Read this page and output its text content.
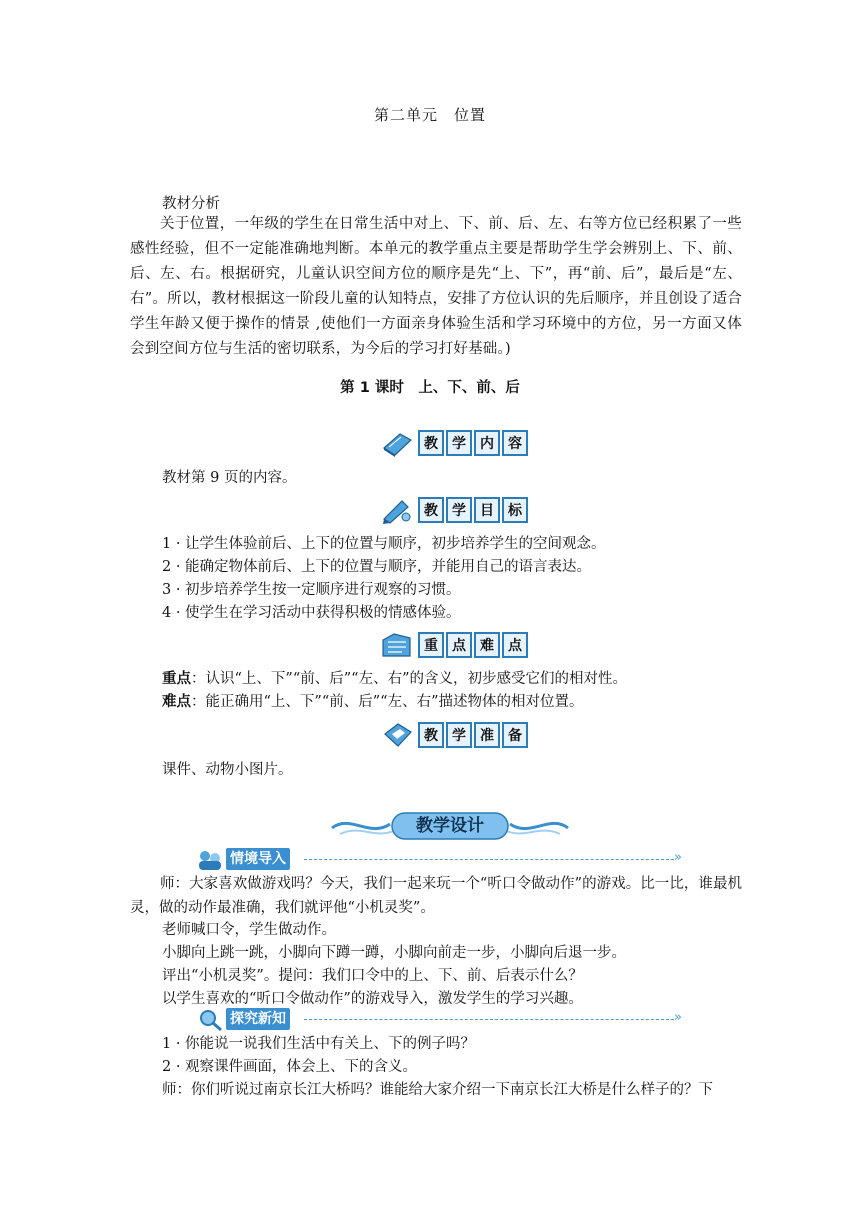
第二单元　位置
教材分析

关于位置，一年级的学生在日常生活中对上、下、前、后、左、右等方位已经积累了一些感性经验，但不一定能准确地判断。本单元的教学重点主要是帮助学生学会辨别上、下、前、后、左、右。根据研究，儿童认识空间方位的顺序是先“上、下”，再“前、后”，最后是“左、右”。所以，教材根据这一阶段儿童的认知特点，安排了方位认识的先后顺序，并且创设了适合学生年龄又便于操作的情景 ,使他们一方面亲身体验生活和学习环境中的方位，另一方面又体会到空间方位与生活的密切联系，为今后的学习打好基础。)

第 1 课时　上、下、前、后
教	学	内	容
教材第 9 页的内容。
教	学	目	标
1 · 让学生体验前后、上下的位置与顺序，初步培养学生的空间观念。
2 · 能确定物体前后、上下的位置与顺序，并能用自己的语言表达。
3 · 初步培养学生按一定顺序进行观察的习惯。
4 · 使学生在学习活动中获得积极的情感体验。
重	点	难	点
重点：认识“上、下”“前、后”“左、右”的含义，初步感受它们的相对性。
难点：能正确用“上、下”“前、后”“左、右”描述物体的相对位置。
教	学	准	备
课件、动物小图片。
教学设计
情境导入	»
师：大家喜欢做游戏吗？今天，我们一起来玩一个“听口令做动作”的游戏。比一比，谁最机灵，做的动作最准确，我们就评他“小机灵奖”。
老师喊口令，学生做动作。
小脚向上跳一跳，小脚向下蹲一蹲，小脚向前走一步，小脚向后退一步。
评出“小机灵奖”。提问：我们口令中的上、下、前、后表示什么？
以学生喜欢的“听口令做动作”的游戏导入，激发学生的学习兴趣。
探究新知	»
1 · 你能说一说我们生活中有关上、下的例子吗？
2 · 观察课件画面，体会上、下的含义。
师：你们听说过南京长江大桥吗？谁能给大家介绍一下南京长江大桥是什么样子的？下
